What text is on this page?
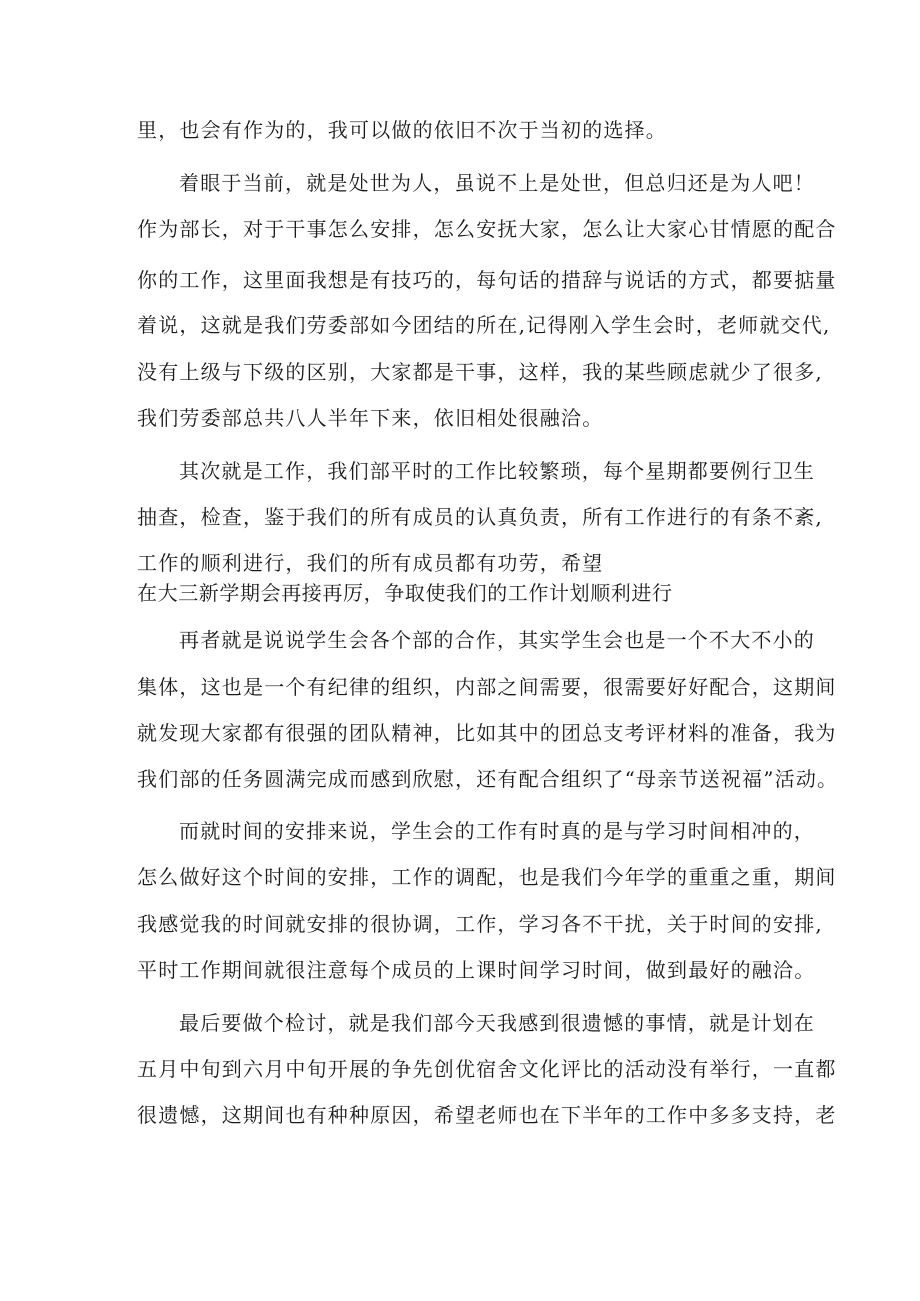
里，也会有作为的，我可以做的依旧不次于当初的选择。
着眼于当前，就是处世为人，虽说不上是处世，但总归还是为人吧！
作为部长，对于干事怎么安排，怎么安抚大家，怎么让大家心甘情愿的配合
你的工作，这里面我想是有技巧的，每句话的措辞与说话的方式，都要掂量
着说，这就是我们劳委部如今团结的所在,记得刚入学生会时，老师就交代,
没有上级与下级的区别，大家都是干事，这样，我的某些顾虑就少了很多,
我们劳委部总共八人半年下来，依旧相处很融洽。
其次就是工作，我们部平时的工作比较繁琐，每个星期都要例行卫生
抽查，检查，鉴于我们的所有成员的认真负责，所有工作进行的有条不紊,
工作的顺利进行，我们的所有成员都有功劳，希望
在大三新学期会再接再厉，争取使我们的工作计划顺利进行
再者就是说说学生会各个部的合作，其实学生会也是一个不大不小的
集体，这也是一个有纪律的组织，内部之间需要，很需要好好配合，这期间
就发现大家都有很强的团队精神，比如其中的团总支考评材料的准备，我为
我们部的任务圆满完成而感到欣慰，还有配合组织了“母亲节送祝福”活动。
而就时间的安排来说，学生会的工作有时真的是与学习时间相冲的，
怎么做好这个时间的安排，工作的调配，也是我们今年学的重重之重，期间
我感觉我的时间就安排的很协调，工作，学习各不干扰，关于时间的安排,
平时工作期间就很注意每个成员的上课时间学习时间，做到最好的融洽。
最后要做个检讨，就是我们部今天我感到很遗憾的事情，就是计划在
五月中旬到六月中旬开展的争先创优宿舍文化评比的活动没有举行，一直都
很遗憾，这期间也有种种原因，希望老师也在下半年的工作中多多支持，老
